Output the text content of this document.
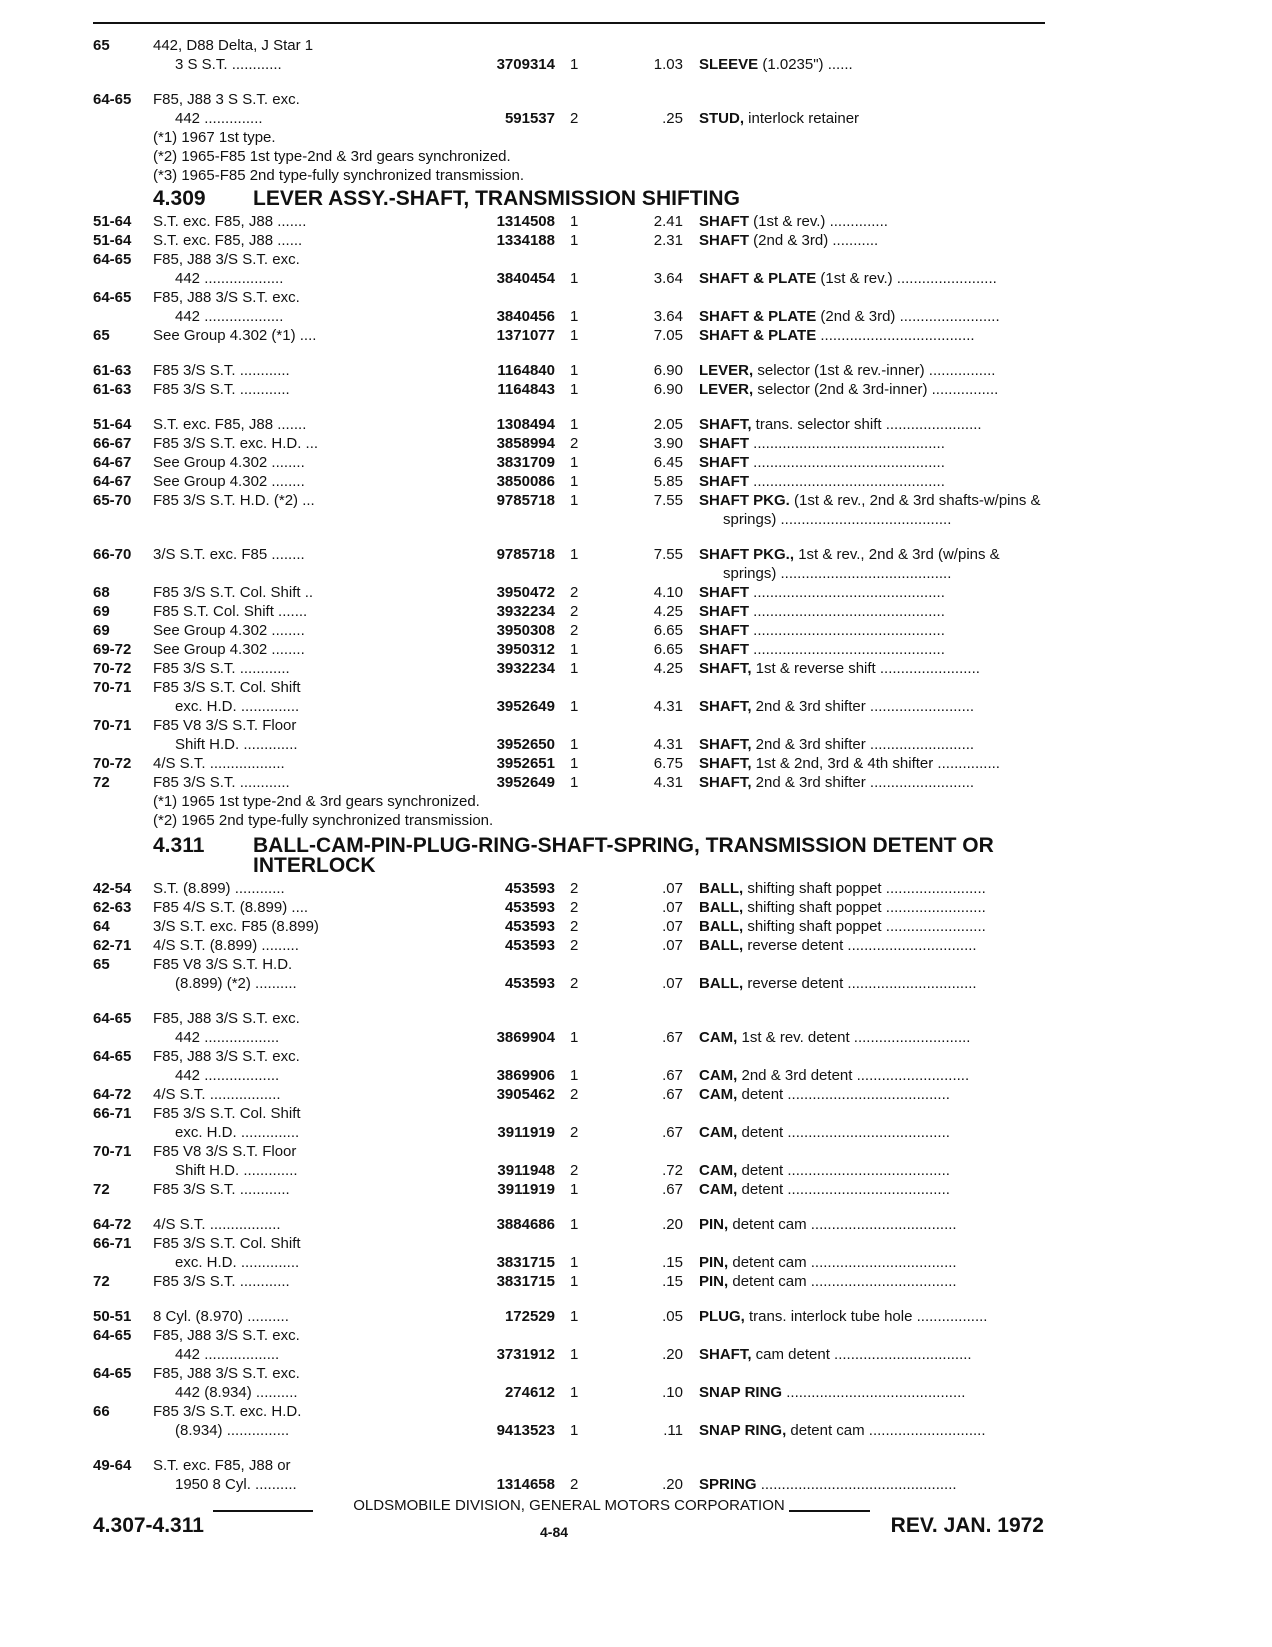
65	442, D88 Delta, J Star 1
3 S S.T. ............	3709314 1	1.03 SLEEVE (1.0235") ......
64-65	F85, J88 3 S S.T. exc.
442 ..............	591537 2	.25 STUD, interlock retainer
(*1) 1967 1st type.
(*2) 1965-F85 1st type-2nd & 3rd gears synchronized.
(*3) 1965-F85 2nd type-fully synchronized transmission.
4.309 LEVER ASSY.-SHAFT, TRANSMISSION SHIFTING
51-64	S.T. exc. F85, J88 .......	1314508 1	2.41 SHAFT (1st & rev.) ..............
51-64	S.T. exc. F85, J88 ......	1334188 1	2.31 SHAFT (2nd & 3rd) ...........
64-65	F85, J88 3/S S.T. exc.
442 ...................	3840454 1	3.64 SHAFT & PLATE (1st & rev.) ........................
64-65	F85, J88 3/S S.T. exc.
442 ...................	3840456 1	3.64 SHAFT & PLATE (2nd & 3rd) ........................
65	See Group 4.302 (*1) ....	1371077 1	7.05 SHAFT & PLATE .....................................
61-63	F85 3/S S.T. ............	1164840 1	6.90 LEVER, selector (1st & rev.-inner) ................
61-63	F85 3/S S.T. ............	1164843 1	6.90 LEVER, selector (2nd & 3rd-inner) ................
51-64	S.T. exc. F85, J88 .......	1308494 1	2.05 SHAFT, trans. selector shift .......................
66-67	F85 3/S S.T. exc. H.D. ...	3858994 2	3.90 SHAFT ..............................................
64-67	See Group 4.302 ........	3831709 1	6.45 SHAFT ..............................................
64-67	See Group 4.302 ........	3850086 1	5.85 SHAFT ..............................................
65-70	F85 3/S S.T. H.D. (*2) ...	9785718 1	7.55 SHAFT PKG. (1st & rev., 2nd & 3rd shafts-w/pins &
springs) .........................................
66-70	3/S S.T. exc. F85 ........	9785718 1	7.55 SHAFT PKG., 1st & rev., 2nd & 3rd (w/pins &
springs) .........................................
68	F85 3/S S.T. Col. Shift ..	3950472 2	4.10 SHAFT ..............................................
69	F85 S.T. Col. Shift .......	3932234 2	4.25 SHAFT ..............................................
69	See Group 4.302 ........	3950308 2	6.65 SHAFT ..............................................
69-72	See Group 4.302 ........	3950312 1	6.65 SHAFT ..............................................
70-72	F85 3/S S.T. ............	3932234 1	4.25 SHAFT, 1st & reverse shift ........................
70-71	F85 3/S S.T. Col. Shift
exc. H.D. ..............	3952649 1	4.31 SHAFT, 2nd & 3rd shifter .........................
70-71	F85 V8 3/S S.T. Floor
Shift H.D. .............	3952650 1	4.31 SHAFT, 2nd & 3rd shifter .........................
70-72	4/S S.T. ..................	3952651 1	6.75 SHAFT, 1st & 2nd, 3rd & 4th shifter ...............
72	F85 3/S S.T. ............	3952649 1	4.31 SHAFT, 2nd & 3rd shifter .........................
(*1) 1965 1st type-2nd & 3rd gears synchronized.
(*2) 1965 2nd type-fully synchronized transmission.
4.311 BALL-CAM-PIN-PLUG-RING-SHAFT-SPRING, TRANSMISSION DETENT OR INTERLOCK
42-54	S.T. (8.899) ............	453593 2	.07 BALL, shifting shaft poppet ........................
62-63	F85 4/S S.T. (8.899) ....	453593 2	.07 BALL, shifting shaft poppet ........................
64	3/S S.T. exc. F85 (8.899)	453593 2	.07 BALL, shifting shaft poppet ........................
62-71	4/S S.T. (8.899) .........	453593 2	.07 BALL, reverse detent ...............................
65	F85 V8 3/S S.T. H.D.
(8.899) (*2) ..........	453593 2	.07 BALL, reverse detent ...............................
64-65	F85, J88 3/S S.T. exc.
442 ..................	3869904 1	.67 CAM, 1st & rev. detent ............................
64-65	F85, J88 3/S S.T. exc.
442 ..................	3869906 1	.67 CAM, 2nd & 3rd detent ...........................
64-72	4/S S.T. .................	3905462 2	.67 CAM, detent .......................................
66-71	F85 3/S S.T. Col. Shift
exc. H.D. ..............	3911919 2	.67 CAM, detent .......................................
70-71	F85 V8 3/S S.T. Floor
Shift H.D. .............	3911948 2	.72 CAM, detent .......................................
72	F85 3/S S.T. ............	3911919 1	.67 CAM, detent .......................................
64-72	4/S S.T. .................	3884686 1	.20 PIN, detent cam ...................................
66-71	F85 3/S S.T. Col. Shift
exc. H.D. ..............	3831715 1	.15 PIN, detent cam ...................................
72	F85 3/S S.T. ............	3831715 1	.15 PIN, detent cam ...................................
50-51	8 Cyl. (8.970) ..........	172529 1	.05 PLUG, trans. interlock tube hole .................
64-65	F85, J88 3/S S.T. exc.
442 ..................	3731912 1	.20 SHAFT, cam detent .................................
64-65	F85, J88 3/S S.T. exc.
442 (8.934) ..........	274612 1	.10 SNAP RING ...........................................
66	F85 3/S S.T. exc. H.D.
(8.934) ...............	9413523 1	.11 SNAP RING, detent cam ............................
49-64	S.T. exc. F85, J88 or
1950 8 Cyl. ..........	1314658 2	.20 SPRING ...............................................
OLDSMOBILE DIVISION, GENERAL MOTORS CORPORATION
4.307-4.311	4-84	REV. JAN. 1972
